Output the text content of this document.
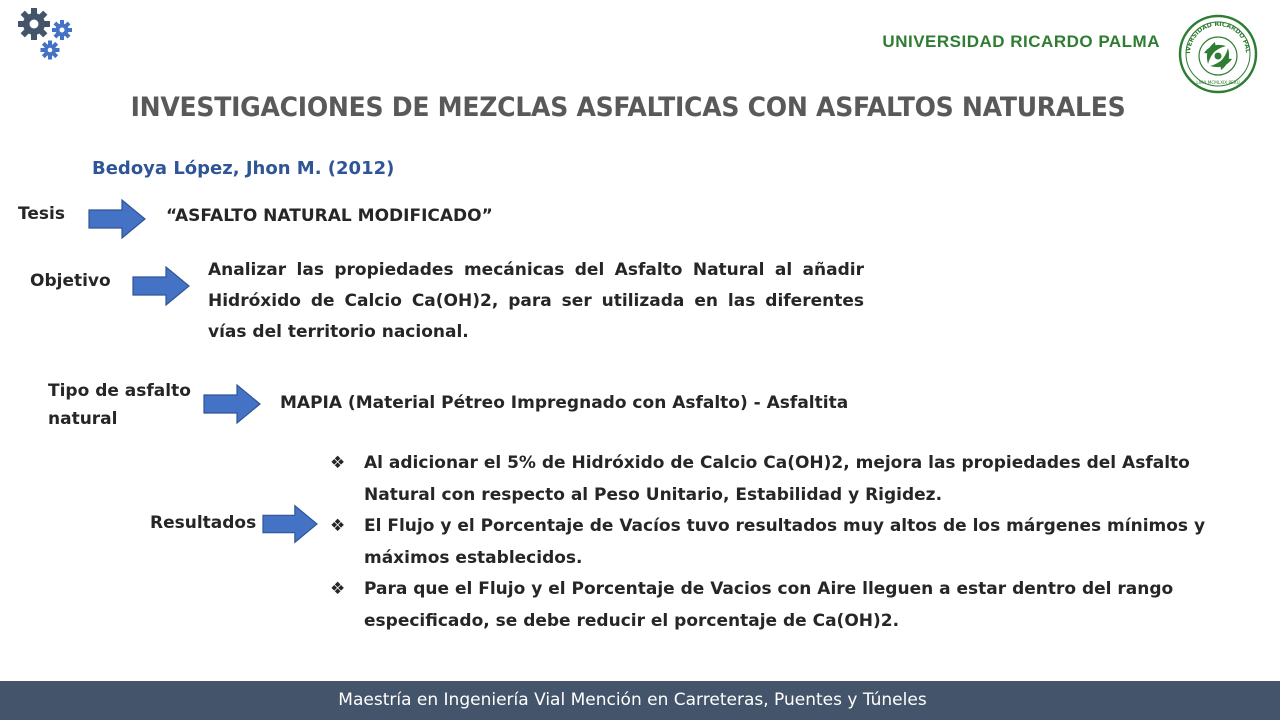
UNIVERSIDAD RICARDO PALMA
IVERSIDAD RICARDO PAL
LIMA MCMLXIX PERÚ
INVESTIGACIONES DE MEZCLAS ASFALTICAS CON ASFALTOS NATURALES
Bedoya López, Jhon M. (2012)
Tesis	“ASFALTO NATURAL MODIFICADO”
Objetivo
Analizar las propiedades mecánicas del Asfalto Natural al añadir Hidróxido de Calcio Ca(OH)2, para ser utilizada en las diferentes vías del territorio nacional.
Tipo de asfalto natural
MAPIA (Material Pétreo Impregnado con Asfalto) - Asfaltita
Resultados
❖ Al adicionar el 5% de Hidróxido de Calcio Ca(OH)2, mejora las propiedades del Asfalto Natural con respecto al Peso Unitario, Estabilidad y Rigidez.
❖ El Flujo y el Porcentaje de Vacíos tuvo resultados muy altos de los márgenes mínimos y máximos establecidos.
❖ Para que el Flujo y el Porcentaje de Vacios con Aire lleguen a estar dentro del rango especificado, se debe reducir el porcentaje de Ca(OH)2.
Maestría en Ingeniería Vial Mención en Carreteras, Puentes y Túneles
